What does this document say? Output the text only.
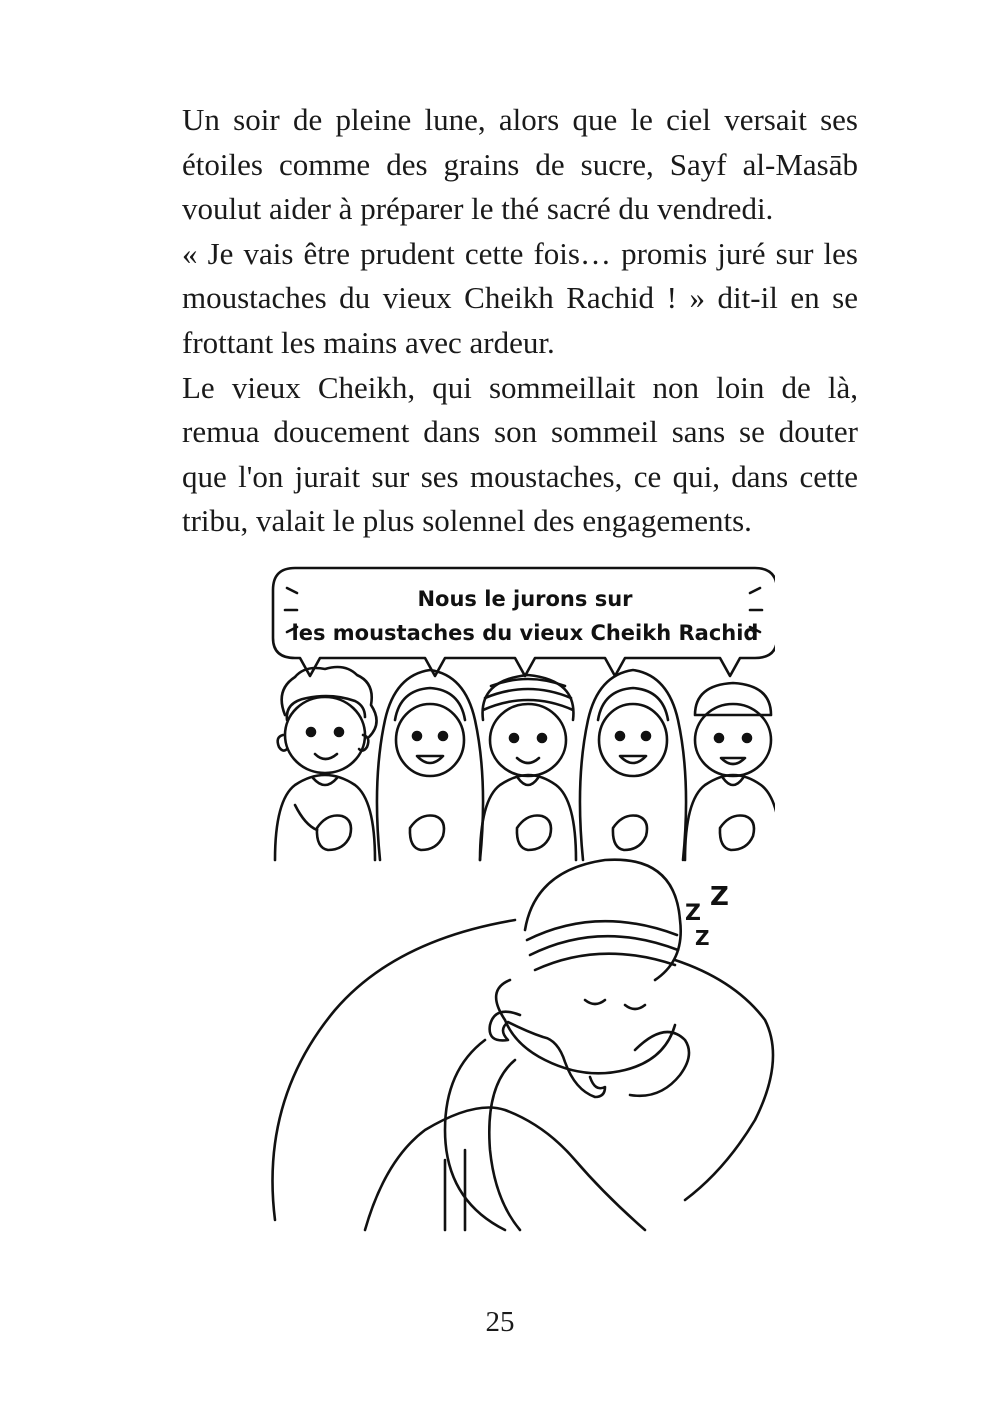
Un soir de pleine lune, alors que le ciel versait ses étoiles comme des grains de sucre, Sayf al-Masāb voulut aider à préparer le thé sacré du vendredi.

« Je vais être prudent cette fois… promis juré sur les moustaches du vieux Cheikh Rachid ! » dit-il en se frottant les mains avec ardeur.

Le vieux Cheikh, qui sommeillait non loin de là, remua doucement dans son sommeil sans se douter que l'on jurait sur ses moustaches, ce qui, dans cette tribu, valait le plus solennel des engagements.

Nous le jurons sur
les moustaches du vieux Cheikh Rachid
Z
Z
Z
25
